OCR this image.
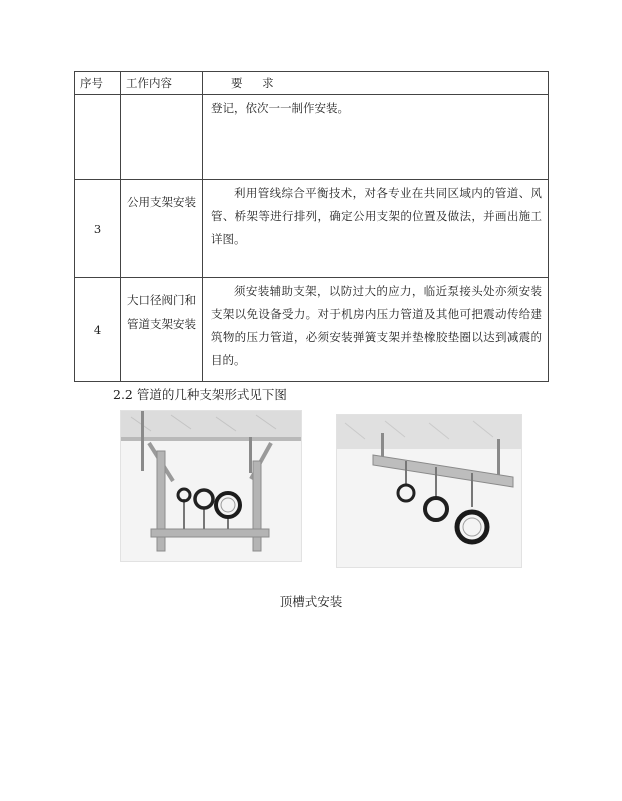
序号	工作内容	要 求
		登记，依次一一制作安装。
3	公用支架安装	利用管线综合平衡技术，对各专业在共同区域内的管道、风管、桥架等进行排列，确定公用支架的位置及做法，并画出施工详图。
4	大口径阀门和管道支架安装	须安装辅助支架，以防过大的应力，临近泵接头处亦须安装支架以免设备受力。对于机房内压力管道及其他可把震动传给建筑物的压力管道，必须安装弹簧支架并垫橡胶垫圈以达到减震的目的。
2.2 管道的几种支架形式见下图
顶槽式安装
